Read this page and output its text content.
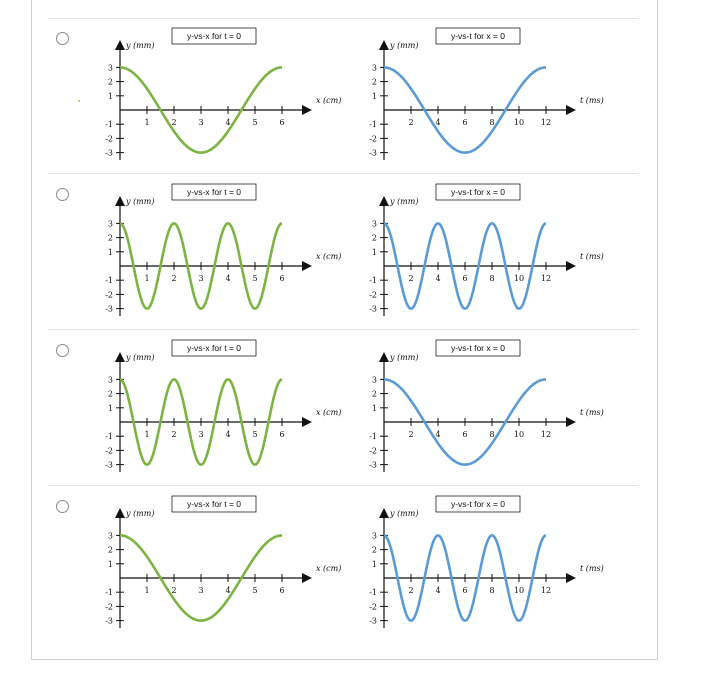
y-vs-x for t = 0
y (mm)
x (cm)
-3
-2
-1
1
2
3
1	2	3	4	5	6
y-vs-t for x = 0
y (mm)
t (ms)
-3
-2
-1
1
2
3
2	4	6	8 10 12
y-vs-x for t = 0
y (mm)
x (cm)
-3
-2
-1
1
2
3
1	2	3	4	5	6
y-vs-t for x = 0
y (mm)
t (ms)
-3
-2
-1
1
2
3
2	4	6	8 10 12
y-vs-x for t = 0
y (mm)
x (cm)
-3
-2
-1
1
2
3
1	2	3	4	5	6
y-vs-t for x = 0
y (mm)
t (ms)
-3
-2
-1
1
2
3
2	4	6	8 10 12
y-vs-x for t = 0
y (mm)
x (cm)
-3
-2
-1
1
2
3
1	2	3	4	5	6
y-vs-t for x = 0
y (mm)
t (ms)
-3
-2
-1
1
2
3
2	4	6	8 10 12
